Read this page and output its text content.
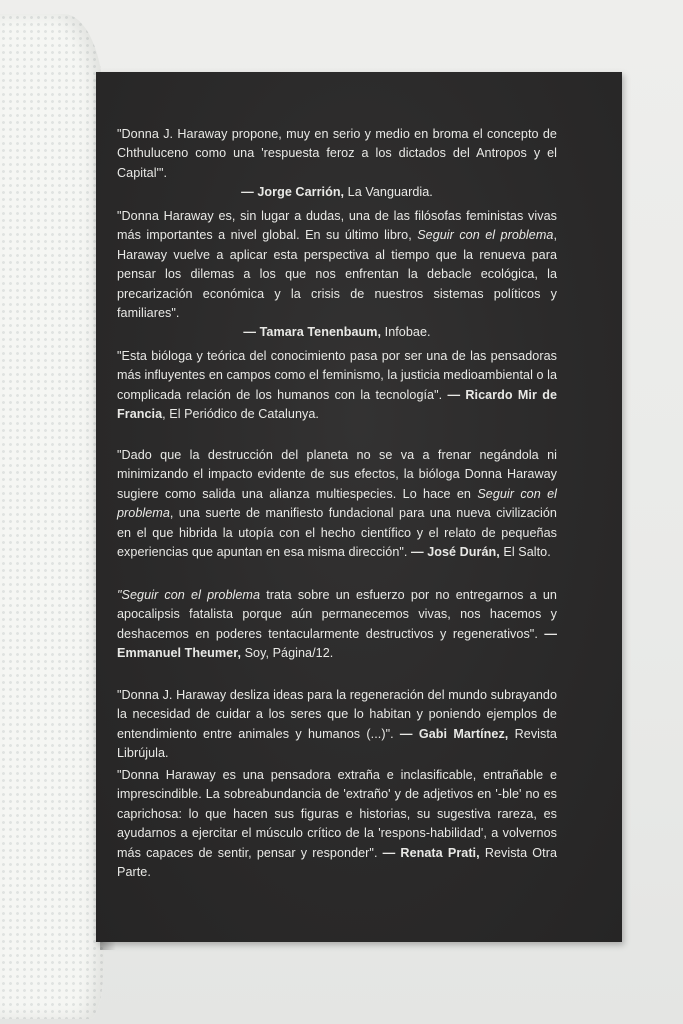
"Donna J. Haraway propone, muy en serio y medio en broma el concepto de Chthuluceno como una 'respuesta feroz a los dictados del Antropos y el Capital'".
— Jorge Carrión, La Vanguardia.
"Donna Haraway es, sin lugar a dudas, una de las filósofas feministas vivas más importantes a nivel global. En su último libro, Seguir con el problema, Haraway vuelve a aplicar esta perspectiva al tiempo que la renueva para pensar los dilemas a los que nos enfrentan la debacle ecológica, la precarización económica y la crisis de nuestros sistemas políticos y familiares".
— Tamara Tenenbaum, Infobae.
"Esta bióloga y teórica del conocimiento pasa por ser una de las pensadoras más influyentes en campos como el feminismo, la justicia medioambiental o la complicada relación de los humanos con la tecnología". — Ricardo Mir de Francia, El Periódico de Catalunya.
"Dado que la destrucción del planeta no se va a frenar negándola ni minimizando el impacto evidente de sus efectos, la bióloga Donna Haraway sugiere como salida una alianza multiespecies. Lo hace en Seguir con el problema, una suerte de manifiesto fundacional para una nueva civilización en el que hibrida la utopía con el hecho científico y el relato de pequeñas experiencias que apuntan en esa misma dirección". — José Durán, El Salto.
"Seguir con el problema trata sobre un esfuerzo por no entregarnos a un apocalipsis fatalista porque aún permanecemos vivas, nos hacemos y deshacemos en poderes tentacularmente destructivos y regenerativos". — Emmanuel Theumer, Soy, Página/12.
"Donna J. Haraway desliza ideas para la regeneración del mundo subrayando la necesidad de cuidar a los seres que lo habitan y poniendo ejemplos de entendimiento entre animales y humanos (...)". — Gabi Martínez, Revista Librújula.
"Donna Haraway es una pensadora extraña e inclasificable, entrañable e imprescindible. La sobreabundancia de 'extraño' y de adjetivos en '-ble' no es caprichosa: lo que hacen sus figuras e historias, su sugestiva rareza, es ayudarnos a ejercitar el músculo crítico de la 'respons-habilidad', a volvernos más capaces de sentir, pensar y responder". — Renata Prati, Revista Otra Parte.
